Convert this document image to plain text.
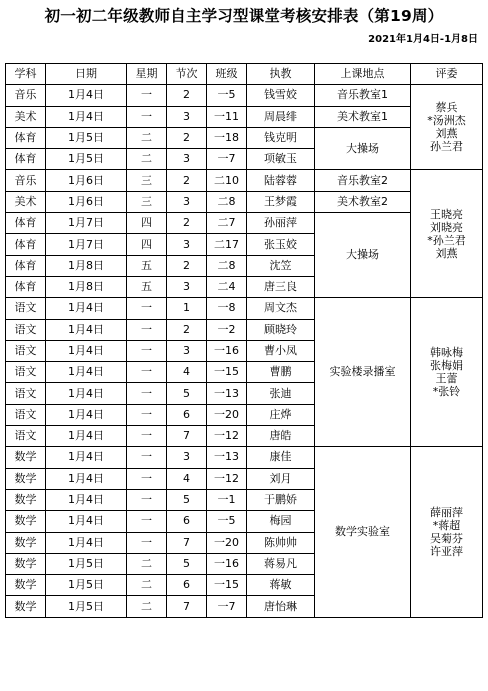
初一初二年级教师自主学习型课堂考核安排表（第19周）
2021年1月4日-1月8日
学科	日期	星期	节次	班级	执教	上课地点	评委
音乐	1月4日	一	2	一5	钱雪姣	音乐教室1	蔡兵
*汤洲杰
刘燕
孙兰君
美术	1月4日	一	3	一11	周晨绯	美术教室1	
体育	1月5日	二	2	一18	钱克明	大操场	
体育	1月5日	二	3	一7	项敏玉		
音乐	1月6日	三	2	二10	陆蓉蓉	音乐教室2	王晓亮
刘晓亮
*孙兰君
刘燕
美术	1月6日	三	3	二8	王梦霞	美术教室2	
体育	1月7日	四	2	二7	孙丽萍	大操场	
体育	1月7日	四	3	二17	张玉姣		
体育	1月8日	五	2	二8	沈笠		
体育	1月8日	五	3	二4	唐三良		
语文	1月4日	一	1	一8	周文杰	实验楼录播室	韩咏梅
张梅娟
王蕾
*张铃
语文	1月4日	一	2	一2	顾晓玲		
语文	1月4日	一	3	一16	曹小凤		
语文	1月4日	一	4	一15	曹鹏		
语文	1月4日	一	5	一13	张迪		
语文	1月4日	一	6	一20	庄烨		
语文	1月4日	一	7	一12	唐皓		
数学	1月4日	一	3	一13	康佳	数学实验室	薛丽萍
*蒋超
吴菊芬
许亚萍
数学	1月4日	一	4	一12	刘月		
数学	1月4日	一	5	一1	于鹏娇		
数学	1月4日	一	6	一5	梅园		
数学	1月4日	一	7	一20	陈帅帅		
数学	1月5日	二	5	一16	蒋易凡		
数学	1月5日	二	6	一15	蒋敏		
数学	1月5日	二	7	一7	唐怡琳		
